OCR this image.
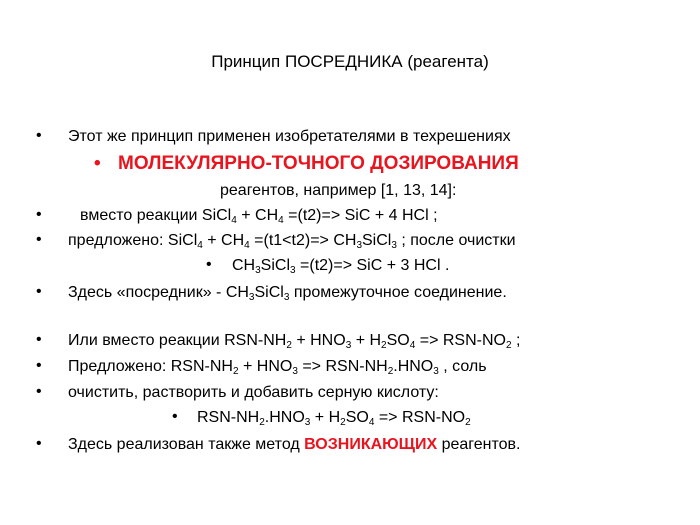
Принцип ПОСРЕДНИКА (реагента)
• Этот же принцип применен изобретателями в техрешениях
• МОЛЕКУЛЯРНО-ТОЧНОГО ДОЗИРОВАНИЯ
реагентов, например [1, 13, 14]:
• вместо реакции SiCl$_4$ + $CH_4 =(t2)=>$ SiC + 4 HCl ;
• предложено: SiCl$_4$ + $CH_4 =(t1<t2)=>$ $CH_3SiCl_3$ ; после очистки
• $CH_3SiCl_3 =(t2)=>$ SiC + 3 HCl .
• Здесь «посредник» - $CH_3SiCl_3$ промежуточное соединение.
• Или вместо реакции RSN-$NH_2 + HNO_3 + H_2SO_4 => RSN-NO_2$ ;
• Предложено: RSN-$NH_2 + HNO_3 => RSN-NH_2.HNO_3$ , соль
• очистить, растворить и добавить серную кислоту:
• RSN-$NH_2.HNO_3 + H_2SO_4 => RSN-NO_2$
• Здесь реализован также метод ВОЗНИКАЮЩИХ реагентов.
